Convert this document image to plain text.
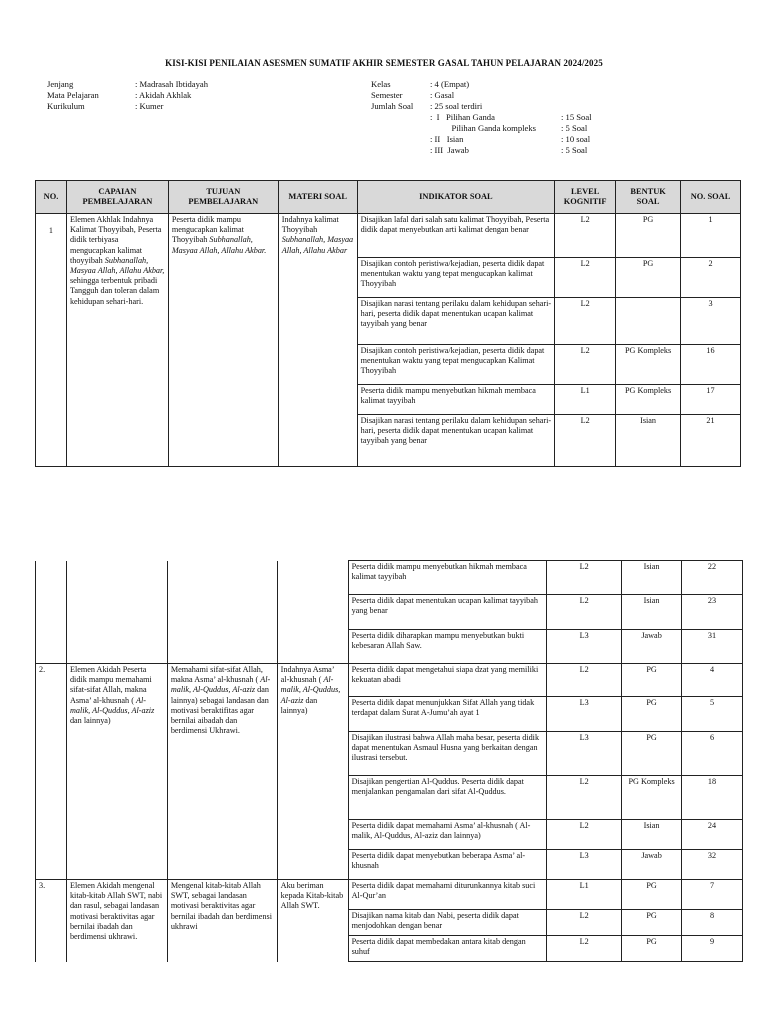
KISI-KISI PENILAIAN ASESMEN SUMATIF AKHIR SEMESTER GASAL TAHUN PELAJARAN 2024/2025
Jenjang	: Madrasah Ibtidayah
Mata Pelajaran	: Akidah Akhlak
Kurikulum	: Kumer
Kelas	: 4 (Empat)
Semester	: Gasal
Jumlah Soal	: 25 soal terdiri
:  I   Pilihan Ganda	: 15 Soal
Pilihan Ganda kompleks	: 5 Soal
: II   Isian	: 10 soal
: III  Jawab	: 5 Soal
NO.	CAPAIAN PEMBELAJARAN	TUJUAN PEMBELAJARAN	MATERI SOAL	INDIKATOR SOAL	LEVEL KOGNITIF	BENTUK SOAL	NO. SOAL
1	Elemen Akhlak Indahnya Kalimat Thoyyibah, Peserta didik terbiyasa mengucapkan kalimat thoyyibah Subhanallah, Masyaa Allah, Allahu Akbar, sehingga terbentuk pribadi Tangguh dan toleran dalam kehidupan sehari-hari.	Peserta didik mampu mengucapkan kalimat Thoyyibah Subhanallah, Masyaa Allah, Allahu Akbar.	Indahnya kalimat Thoyyibah Subhanallah, Masyaa Allah, Allahu Akbar	Disajikan lafal dari salah satu kalimat Thoyyibah, Peserta didik dapat menyebutkan arti kalimat dengan benar	L2	PG	1
				Disajikan contoh peristiwa/kejadian, peserta didik dapat menentukan waktu yang tepat mengucapkan kalimat Thoyyibah	L2	PG	2
				Disajikan narasi tentang perilaku dalam kehidupan sehari-hari, peserta didik dapat menentukan ucapan kalimat tayyibah yang benar	L2		3
				Disajikan contoh peristiwa/kejadian, peserta didik dapat menentukan waktu yang tepat mengucapkan Kalimat Thoyyibah	L2	PG Kompleks	16
				Peserta didik mampu menyebutkan hikmah membaca kalimat tayyibah	L1	PG Kompleks	17
				Disajikan narasi tentang perilaku dalam kehidupan sehari-hari, peserta didik dapat menentukan ucapan kalimat tayyibah yang benar	L2	Isian	21
				Peserta didik mampu menyebutkan hikmah membaca kalimat tayyibah	L2	Isian	22
				Peserta didik dapat menentukan ucapan kalimat tayyibah yang benar	L2	Isian	23
				Peserta didik diharapkan mampu menyebutkan bukti kebesaran Allah Saw.	L3	Jawab	31
2.	Elemen Akidah Peserta didik mampu memahami sifat-sifat Allah, makna Asma’ al-khusnah ( Al-malik, Al-Quddus, Al-aziz dan lainnya)	Memahami sifat-sifat Allah, makna Asma’ al-khusnah ( Al-malik, Al-Quddus, Al-aziz dan lainnya) sebagai landasan dan motivasi beraktifitas agar bernilai aibadah dan berdimensi Ukhrawi.	Indahnya Asma’ al-khusnah ( Al-malik, Al-Quddus, Al-aziz dan lainnya)	Peserta didik dapat mengetahui siapa dzat yang memiliki kekuatan abadi	L2	PG	4
				Peserta didik dapat menunjukkan Sifat Allah yang tidak terdapat dalam Surat A-Jumu’ah ayat 1	L3	PG	5
				Disajikan ilustrasi bahwa Allah maha besar, peserta didik dapat menentukan Asmaul Husna yang berkaitan dengan ilustrasi tersebut.	L3	PG	6
				Disajikan pengertian Al-Quddus. Peserta didik dapat menjalankan pengamalan dari sifat Al-Quddus.	L2	PG Kompleks	18
				Peserta didik dapat memahami Asma’ al-khusnah ( Al-malik, Al-Quddus, Al-aziz dan lainnya)	L2	Isian	24
				Peserta didik dapat menyebutkan beberapa Asma’ al-khusnah	L3	Jawab	32
3.	Elemen Akidah mengenal kitab-kitab Allah SWT, nabi dan rasul, sebagai landasan motivasi beraktivitas agar bernilai ibadah dan berdimensi ukhrawi.	Mengenal kitab-kitab Allah SWT, sebagai landasan motivasi beraktivitas agar bernilai ibadah dan berdimensi ukhrawi	Aku beriman kepada Kitab-kitab Allah SWT.	Peserta didik dapat memahami diturunkannya kitab suci Al-Qur’an	L1	PG	7
				Disajikan nama kitab dan Nabi, peserta didik dapat menjodohkan dengan benar	L2	PG	8
				Peserta didik dapat membedakan antara kitab dengan suhuf	L2	PG	9
